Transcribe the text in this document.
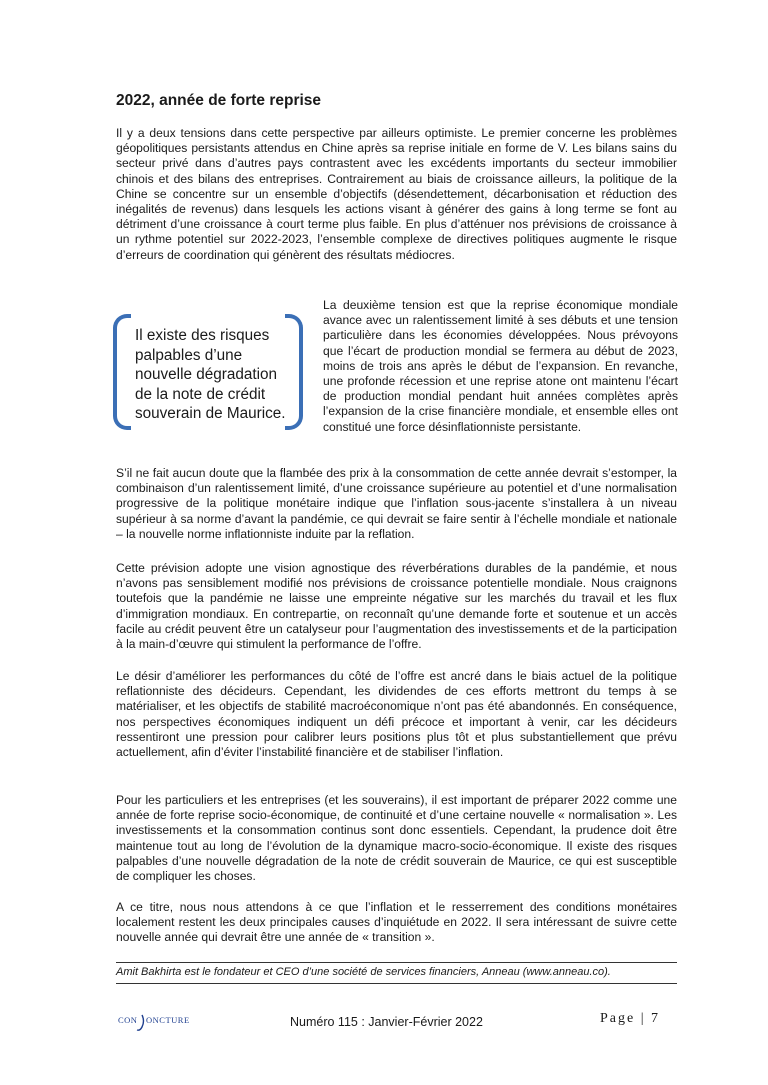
2022, année de forte reprise

Il y a deux tensions dans cette perspective par ailleurs optimiste. Le premier concerne les problèmes géopolitiques persistants attendus en Chine après sa reprise initiale en forme de V. Les bilans sains du secteur privé dans d’autres pays contrastent avec les excédents importants du secteur immobilier chinois et des bilans des entreprises. Contrairement au biais de croissance ailleurs, la politique de la Chine se concentre sur un ensemble d’objectifs (désendettement, décarbonisation et réduction des inégalités de revenus) dans lesquels les actions visant à générer des gains à long terme se font au détriment d’une croissance à court terme plus faible. En plus d’atténuer nos prévisions de croissance à un rythme potentiel sur 2022-2023, l’ensemble complexe de directives politiques augmente le risque d’erreurs de coordination qui génèrent des résultats médiocres.

Il existe des risques palpables d’une nouvelle dégradation de la note de crédit souverain de Maurice.

La deuxième tension est que la reprise économique mondiale avance avec un ralentissement limité à ses débuts et une tension particulière dans les économies développées. Nous prévoyons que l’écart de production mondial se fermera au début de 2023, moins de trois ans après le début de l’expansion. En revanche, une profonde récession et une reprise atone ont maintenu l’écart de production mondial pendant huit années complètes après l’expansion de la crise financière mondiale, et ensemble elles ont constitué une force désinflationniste persistante.

S’il ne fait aucun doute que la flambée des prix à la consommation de cette année devrait s’estomper, la combinaison d’un ralentissement limité, d’une croissance supérieure au potentiel et d’une normalisation progressive de la politique monétaire indique que l’inflation sous-jacente s’installera à un niveau supérieur à sa norme d’avant la pandémie, ce qui devrait se faire sentir à l’échelle mondiale et nationale – la nouvelle norme inflationniste induite par la reflation.

Cette prévision adopte une vision agnostique des réverbérations durables de la pandémie, et nous n’avons pas sensiblement modifié nos prévisions de croissance potentielle mondiale. Nous craignons toutefois que la pandémie ne laisse une empreinte négative sur les marchés du travail et les flux d’immigration mondiaux. En contrepartie, on reconnaît qu’une demande forte et soutenue et un accès facile au crédit peuvent être un catalyseur pour l’augmentation des investissements et de la participation à la main-d’œuvre qui stimulent la performance de l’offre.

Le désir d’améliorer les performances du côté de l’offre est ancré dans le biais actuel de la politique reflationniste des décideurs. Cependant, les dividendes de ces efforts mettront du temps à se matérialiser, et les objectifs de stabilité macroéconomique n’ont pas été abandonnés. En conséquence, nos perspectives économiques indiquent un défi précoce et important à venir, car les décideurs ressentiront une pression pour calibrer leurs positions plus tôt et plus substantiellement que prévu actuellement, afin d’éviter l’instabilité financière et de stabiliser l’inflation.

Pour les particuliers et les entreprises (et les souverains), il est important de préparer 2022 comme une année de forte reprise socio-économique, de continuité et d’une certaine nouvelle « normalisation ». Les investissements et la consommation continus sont donc essentiels. Cependant, la prudence doit être maintenue tout au long de l’évolution de la dynamique macro-socio-économique. Il existe des risques palpables d’une nouvelle dégradation de la note de crédit souverain de Maurice, ce qui est susceptible de compliquer les choses.

A ce titre, nous nous attendons à ce que l’inflation et le resserrement des conditions monétaires localement restent les deux principales causes d’inquiétude en 2022. Il sera intéressant de suivre cette nouvelle année qui devrait être une année de « transition ».

Amit Bakhirta est le fondateur et CEO d’une société de services financiers, Anneau (www.anneau.co).

CON ONCTURE	Numéro 115 : Janvier-Février 2022	Page | 7
